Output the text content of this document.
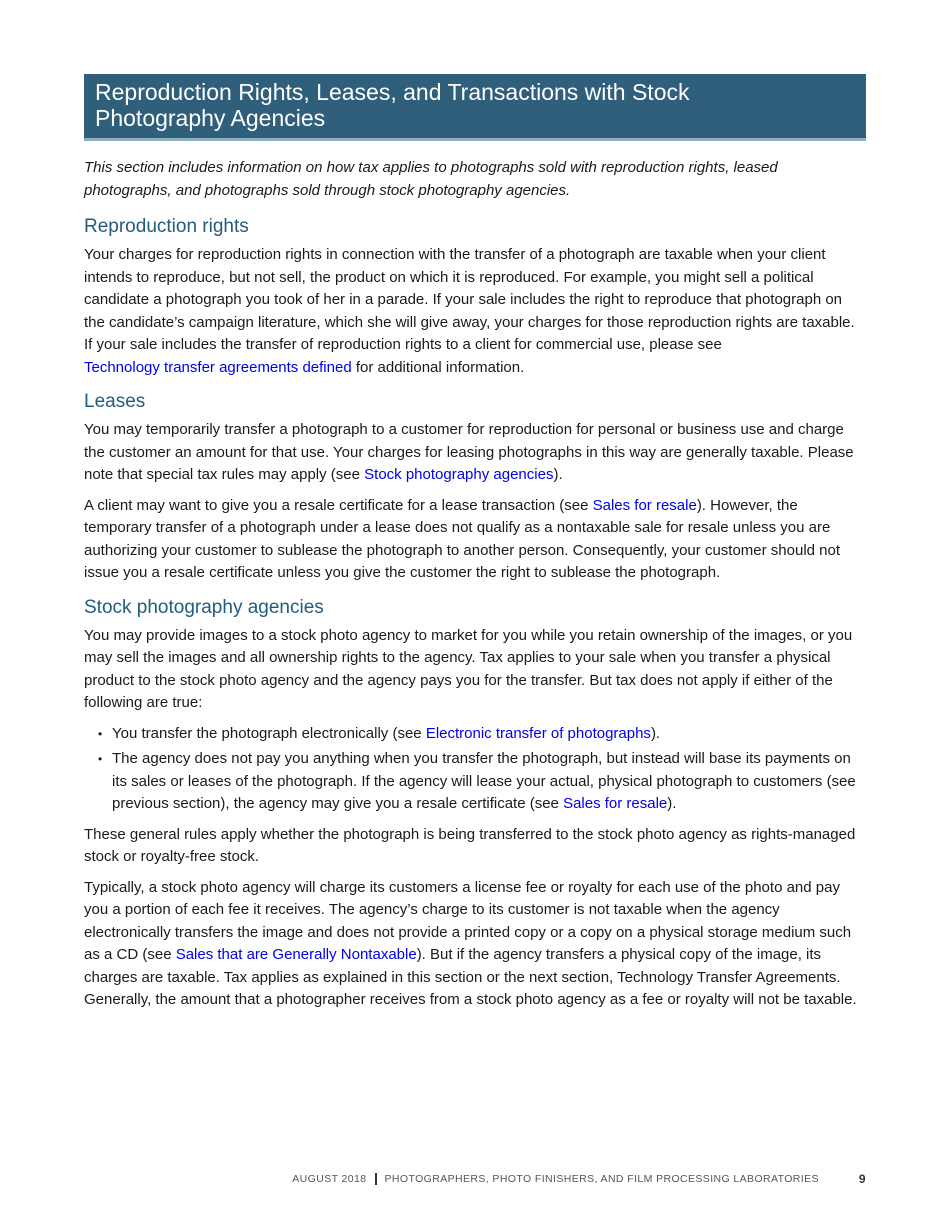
Reproduction Rights, Leases, and Transactions with Stock
Photography Agencies

This section includes information on how tax applies to photographs sold with reproduction rights, leased photographs, and photographs sold through stock photography agencies.

Reproduction rights

Your charges for reproduction rights in connection with the transfer of a photograph are taxable when your client intends to reproduce, but not sell, the product on which it is reproduced. For example, you might sell a political candidate a photograph you took of her in a parade. If your sale includes the right to reproduce that photograph on the candidate’s campaign literature, which she will give away, your charges for those reproduction rights are taxable. If your sale includes the transfer of reproduction rights to a client for commercial use, please see
Technology transfer agreements defined for additional information.

Leases

You may temporarily transfer a photograph to a customer for reproduction for personal or business use and charge the customer an amount for that use. Your charges for leasing photographs in this way are generally taxable. Please note that special tax rules may apply (see Stock photography agencies).

A client may want to give you a resale certificate for a lease transaction (see Sales for resale). However, the temporary transfer of a photograph under a lease does not qualify as a nontaxable sale for resale unless you are authorizing your customer to sublease the photograph to another person. Consequently, your customer should not issue you a resale certificate unless you give the customer the right to sublease the photograph.

Stock photography agencies

You may provide images to a stock photo agency to market for you while you retain ownership of the images, or you may sell the images and all ownership rights to the agency. Tax applies to your sale when you transfer a physical product to the stock photo agency and the agency pays you for the transfer. But tax does not apply if either of the following are true:

• You transfer the photograph electronically (see Electronic transfer of photographs).
• The agency does not pay you anything when you transfer the photograph, but instead will base its payments on its sales or leases of the photograph. If the agency will lease your actual, physical photograph to customers (see previous section), the agency may give you a resale certificate (see Sales for resale).

These general rules apply whether the photograph is being transferred to the stock photo agency as rights-managed stock or royalty-free stock.

Typically, a stock photo agency will charge its customers a license fee or royalty for each use of the photo and pay you a portion of each fee it receives. The agency’s charge to its customer is not taxable when the agency electronically transfers the image and does not provide a printed copy or a copy on a physical storage medium such as a CD (see Sales that are Generally Nontaxable). But if the agency transfers a physical copy of the image, its charges are taxable. Tax applies as explained in this section or the next section, Technology Transfer Agreements. Generally, the amount that a photographer receives from a stock photo agency as a fee or royalty will not be taxable.

AUGUST 2018 PHOTOGRAPHERS, PHOTO FINISHERS, AND FILM PROCESSING LABORATORIES	9
